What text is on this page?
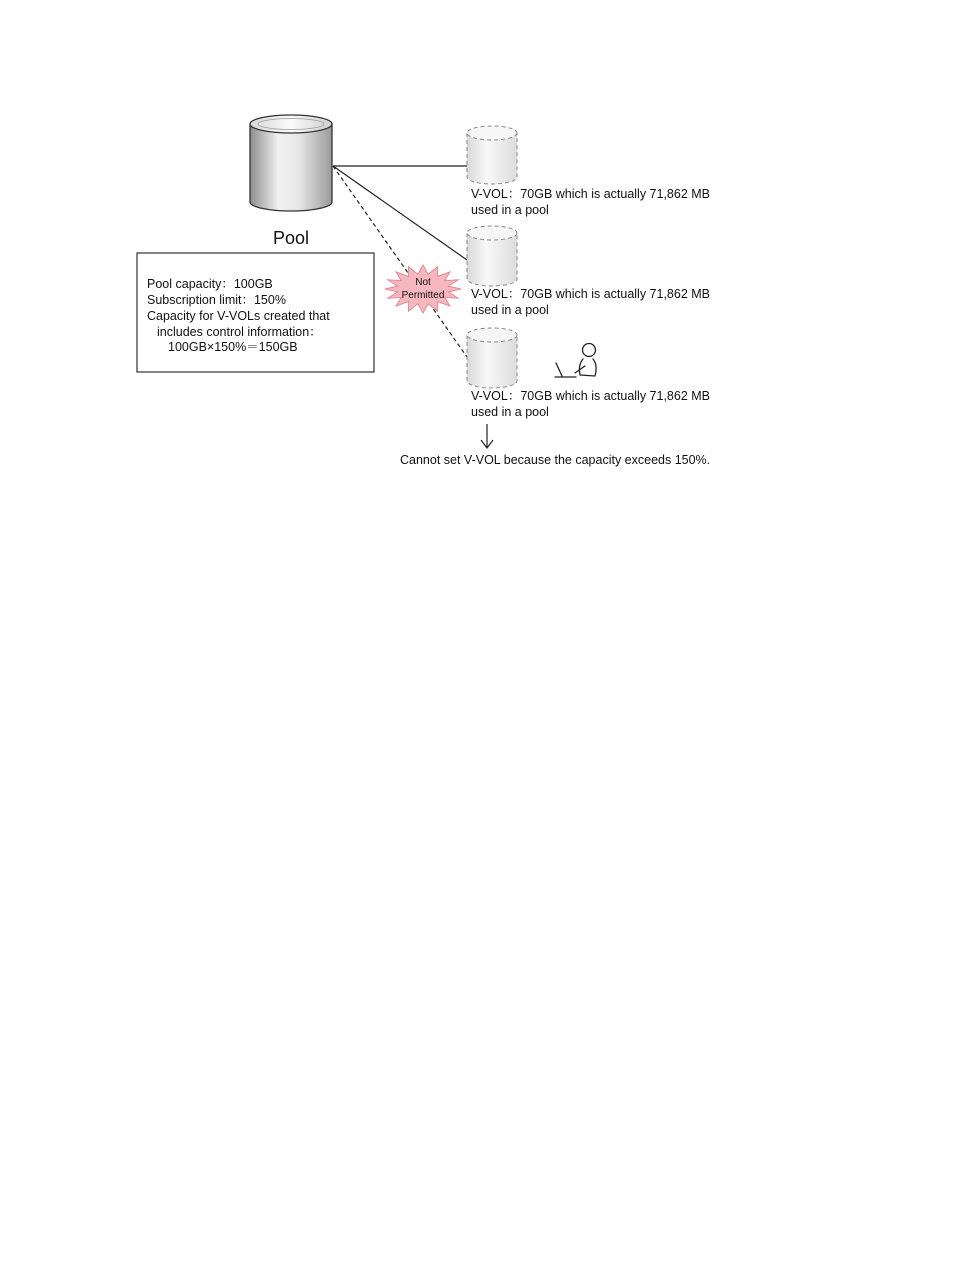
Pool
Pool capacity：100GB
Subscription limit：150%
Capacity for V-VOLs created that
includes control information：
100GB×150%＝150GB
V-VOL：70GB which is actually 71,862 MB
used in a pool
V-VOL：70GB which is actually 71,862 MB
used in a pool
V-VOL：70GB which is actually 71,862 MB
used in a pool
Not
Permitted
Cannot set V-VOL because the capacity exceeds 150%.
